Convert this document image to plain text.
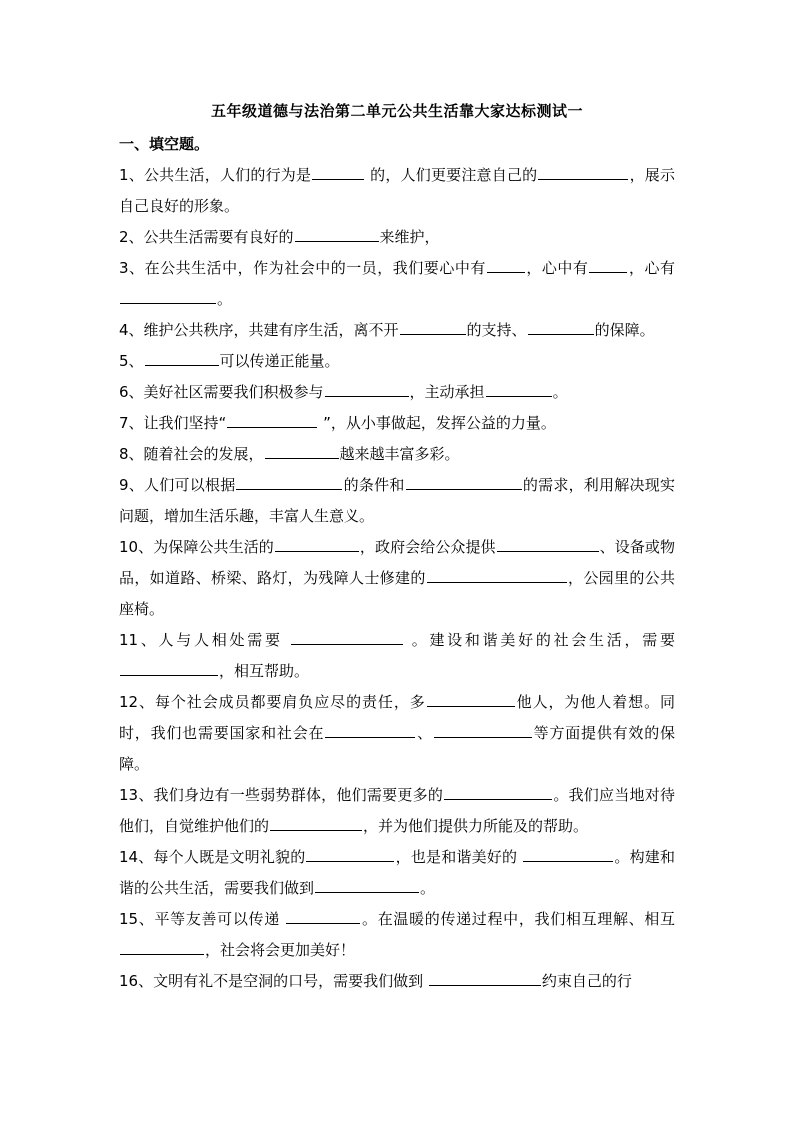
五年级道德与法治第二单元公共生活靠大家达标测试一
一、填空题。

1、公共生活，人们的行为是	的，人们更要注意自己的	，展示自己良好的形象。

2、公共生活需要有良好的	来维护，

3、在公共生活中，作为社会中的一员，我们要心中有	，心中有	，心有。

4、维护公共秩序，共建有序生活，离不开	的支持、	的保障。

5、	可以传递正能量。

6、美好社区需要我们积极参与	，主动承担	。

7、让我们坚持“	”，从小事做起，发挥公益的力量。

8、随着社会的发展，	越来越丰富多彩。

9、人们可以根据	的条件和	的需求，利用解决现实问题，增加生活乐趣，丰富人生意义。

10、为保障公共生活的	，政府会给公众提供	、设备或物品，如道路、桥梁、路灯，为残障人士修建的	，公园里的公共座椅。

11、人与人相处需要	。建设和谐美好的社会生活，需要 ，相互帮助。

12、每个社会成员都要肩负应尽的责任，多	他人，为他人着想。同时，我们也需要国家和社会在	、	等方面提供有效的保障。

13、我们身边有一些弱势群体，他们需要更多的	。我们应当地对待他们，自觉维护他们的	，并为他们提供力所能及的帮助。

14、每个人既是文明礼貌的	，也是和谐美好的	。构建和谐的公共生活，需要我们做到	。

15、平等友善可以传递	。在温暖的传递过程中，我们相互理解、相互，社会将会更加美好！

16、文明有礼不是空洞的口号，需要我们做到	约束自己的行
